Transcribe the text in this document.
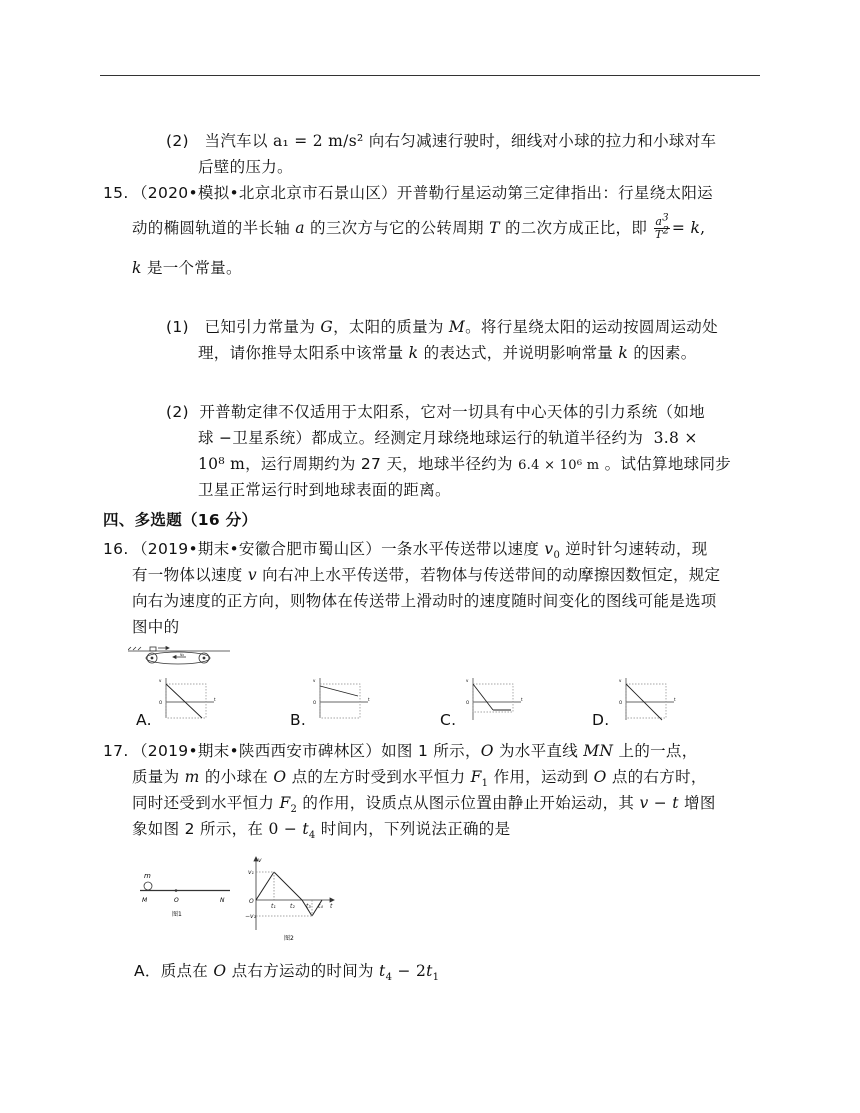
(2) 当汽车以 a₁ = 2 m/s² 向右匀减速行驶时，细线对小球的拉力和小球对车
后壁的压力。
15. （2020•模拟•北京北京市石景山区）开普勒行星运动第三定律指出：行星绕太阳运
动的椭圆轨道的半长轴 a 的三次方与它的公转周期 T 的二次方成正比，即 $\frac{a^3}{T^2} = k$,
k 是一个常量。
(1) 已知引力常量为 G，太阳的质量为 M。将行星绕太阳的运动按圆周运动处
理，请你推导太阳系中该常量 k 的表达式，并说明影响常量 k 的因素。
(2) 开普勒定律不仅适用于太阳系，它对一切具有中心天体的引力系统（如地
球 −卫星系统）都成立。经测定月球绕地球运行的轨道半径约为 3.8 ×
10⁸ m，运行周期约为 27 天，地球半径约为 6.4 × 10⁶ m 。试估算地球同步
卫星正常运行时到地球表面的距离。
四、多选题（16 分）
16. （2019•期末•安徽合肥市蜀山区）一条水平传送带以速度 $v_0$ 逆时针匀速转动，现
有一物体以速度 v 向右冲上水平传送带，若物体与传送带间的动摩擦因数恒定，规定
向右为速度的正方向，则物体在传送带上滑动时的速度随时间变化的图线可能是选项
图中的
v₀
A.	B.	C.	D.
v
O
t
v
O
t
v
O
t
v
O
t
17. （2019•期末•陕西西安市碑林区）如图 1 所示，O 为水平直线 MN 上的一点，
质量为 m 的小球在 O 点的左方时受到水平恒力 $F_1$ 作用，运动到 O 点的右方时，
同时还受到水平恒力 $F_2$ 的作用，设质点从图示位置由静止开始运动，其 v − t 增图
象如图 2 所示，在 $0 - t_4$ 时间内，下列说法正确的是
m
M	O	N
图1
v
v₁
O
−v₁
t₁ t₂ t₃ t₄ t
图2
A．质点在 O 点右方运动的时间为 $t_4 - 2t_1$
